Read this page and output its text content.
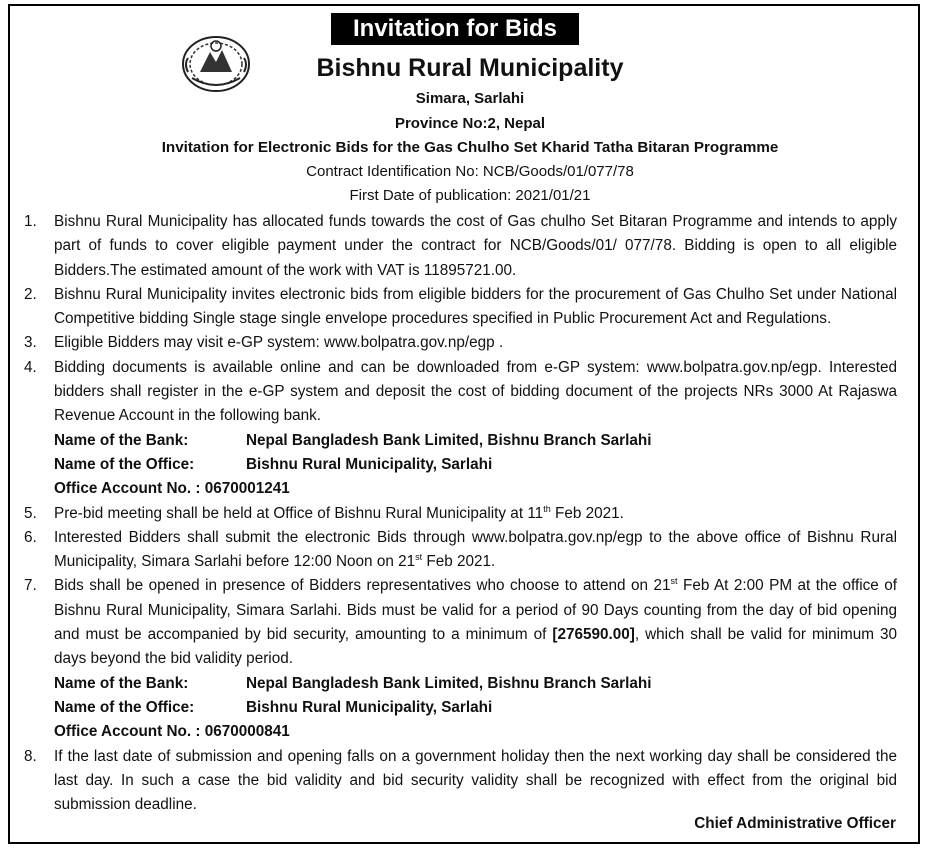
Invitation for Bids
Bishnu Rural Municipality
Simara, Sarlahi
Province No:2, Nepal
Invitation for Electronic Bids for the Gas Chulho Set Kharid Tatha Bitaran Programme
Contract Identification No: NCB/Goods/01/077/78
First Date of publication: 2021/01/21
1.	Bishnu Rural Municipality has allocated funds towards the cost of Gas chulho Set Bitaran Programme and intends to apply part of funds to cover eligible payment under the contract for NCB/Goods/01/ 077/78. Bidding is open to all eligible Bidders.The estimated amount of the work with VAT is 11895721.00.
2.	Bishnu Rural Municipality invites electronic bids from eligible bidders for the procurement of Gas Chulho Set under National Competitive bidding Single stage single envelope procedures specified in Public Procurement Act and Regulations.
3.	Eligible Bidders may visit e-GP system: www.bolpatra.gov.np/egp .
4.	Bidding documents is available online and can be downloaded from e-GP system: www.bolpatra.gov.np/egp. Interested bidders shall register in the e-GP system and deposit the cost of bidding document of the projects NRs 3000 At Rajaswa Revenue Account in the following bank.
Name of the Bank:	Nepal Bangladesh Bank Limited, Bishnu Branch Sarlahi
Name of the Office:	Bishnu Rural Municipality, Sarlahi
Office Account No. :
0670001241
5.	Pre-bid meeting shall be held at Office of Bishnu Rural Municipality at 11th Feb 2021.
6.	Interested Bidders shall submit the electronic Bids through www.bolpatra.gov.np/egp to the above office of Bishnu Rural Municipality, Simara Sarlahi before 12:00 Noon on 21st Feb 2021.
7.	Bids shall be opened in presence of Bidders representatives who choose to attend on 21st Feb At 2:00 PM at the office of Bishnu Rural Municipality, Simara Sarlahi. Bids must be valid for a period of 90 Days counting from the day of bid opening and must be accompanied by bid security, amounting to a minimum of [276590.00], which shall be valid for minimum 30 days beyond the bid validity period.
Name of the Bank:	Nepal Bangladesh Bank Limited, Bishnu Branch Sarlahi
Name of the Office:	Bishnu Rural Municipality, Sarlahi
Office Account No. :
0670000841
8.	If the last date of submission and opening falls on a government holiday then the next working day shall be considered the last day. In such a case the bid validity and bid security validity shall be recognized with effect from the original bid submission deadline.
Chief Administrative Officer
